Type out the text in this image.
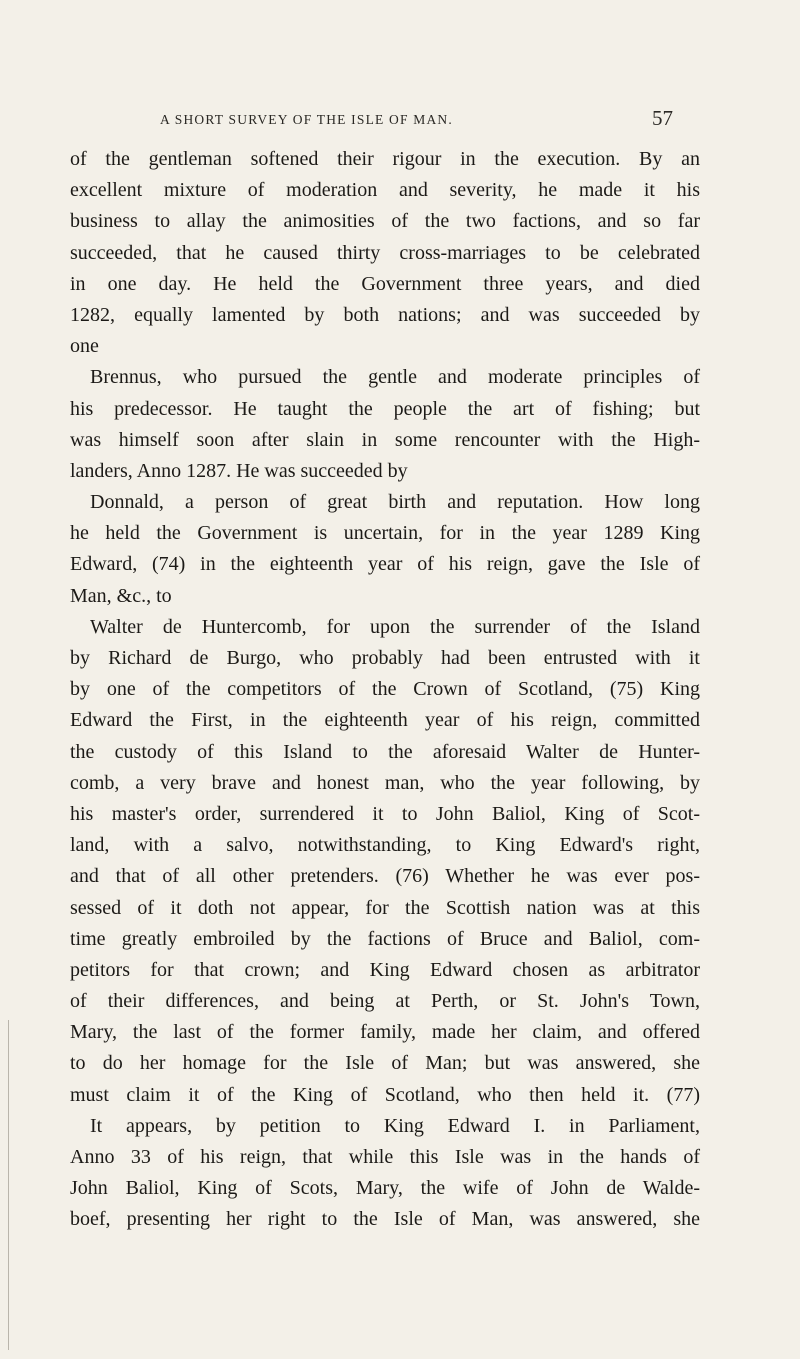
A SHORT SURVEY OF THE ISLE OF MAN.	57
of the gentleman softened their rigour in the execution. By an
excellent mixture of moderation and severity, he made it his
business to allay the animosities of the two factions, and so far
succeeded, that he caused thirty cross-marriages to be celebrated
in one day. He held the Government three years, and died
1282, equally lamented by both nations; and was succeeded by
one
Brennus, who pursued the gentle and moderate principles of
his predecessor. He taught the people the art of fishing; but
was himself soon after slain in some rencounter with the High-
landers, Anno 1287. He was succeeded by
Donnald, a person of great birth and reputation. How long
he held the Government is uncertain, for in the year 1289 King
Edward, (74) in the eighteenth year of his reign, gave the Isle of
Man, &c., to
Walter de Huntercomb, for upon the surrender of the Island
by Richard de Burgo, who probably had been entrusted with it
by one of the competitors of the Crown of Scotland, (75) King
Edward the First, in the eighteenth year of his reign, committed
the custody of this Island to the aforesaid Walter de Hunter-
comb, a very brave and honest man, who the year following, by
his master's order, surrendered it to John Baliol, King of Scot-
land, with a salvo, notwithstanding, to King Edward's right,
and that of all other pretenders. (76) Whether he was ever pos-
sessed of it doth not appear, for the Scottish nation was at this
time greatly embroiled by the factions of Bruce and Baliol, com-
petitors for that crown; and King Edward chosen as arbitrator
of their differences, and being at Perth, or St. John's Town,
Mary, the last of the former family, made her claim, and offered
to do her homage for the Isle of Man; but was answered, she
must claim it of the King of Scotland, who then held it. (77)
It appears, by petition to King Edward I. in Parliament,
Anno 33 of his reign, that while this Isle was in the hands of
John Baliol, King of Scots, Mary, the wife of John de Walde-
boef, presenting her right to the Isle of Man, was answered, she
